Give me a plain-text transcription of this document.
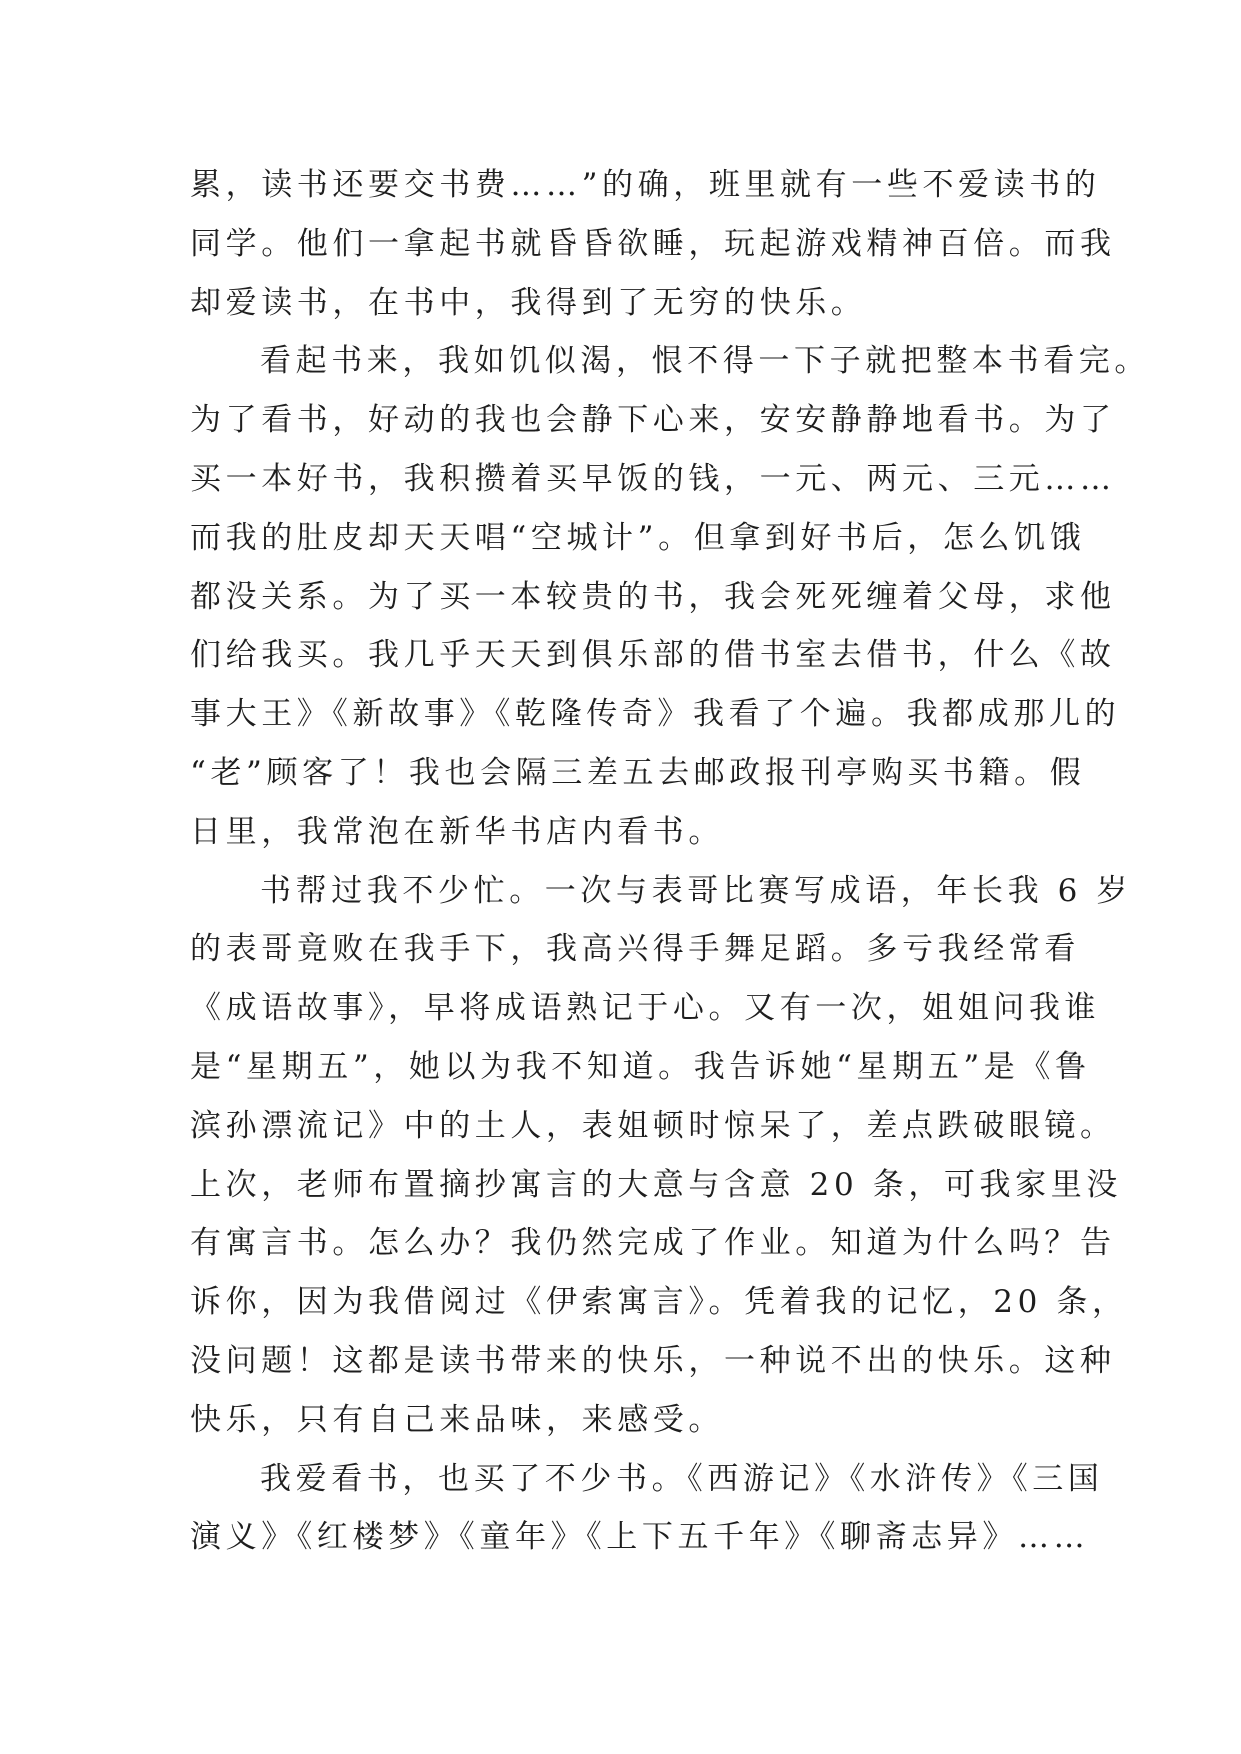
累，读书还要交书费……”的确，班里就有一些不爱读书的
同学。他们一拿起书就昏昏欲睡，玩起游戏精神百倍。而我
却爱读书，在书中，我得到了无穷的快乐。
看起书来，我如饥似渴，恨不得一下子就把整本书看完。
为了看书，好动的我也会静下心来，安安静静地看书。为了
买一本好书，我积攒着买早饭的钱，一元、两元、三元……
而我的肚皮却天天唱“空城计”。但拿到好书后，怎么饥饿
都没关系。为了买一本较贵的书，我会死死缠着父母，求他
们给我买。我几乎天天到俱乐部的借书室去借书，什么《故
事大王》《新故事》《乾隆传奇》我看了个遍。我都成那儿的
“老”顾客了！我也会隔三差五去邮政报刊亭购买书籍。假
日里，我常泡在新华书店内看书。
书帮过我不少忙。一次与表哥比赛写成语，年长我 6 岁
的表哥竟败在我手下，我高兴得手舞足蹈。多亏我经常看
《成语故事》，早将成语熟记于心。又有一次，姐姐问我谁
是“星期五”，她以为我不知道。我告诉她“星期五”是《鲁
滨孙漂流记》中的土人，表姐顿时惊呆了，差点跌破眼镜。
上次，老师布置摘抄寓言的大意与含意 20 条，可我家里没
有寓言书。怎么办？我仍然完成了作业。知道为什么吗？告
诉你，因为我借阅过《伊索寓言》。凭着我的记忆，20 条，
没问题！这都是读书带来的快乐，一种说不出的快乐。这种
快乐，只有自己来品味，来感受。
我爱看书，也买了不少书。《西游记》《水浒传》《三国
演义》《红楼梦》《童年》《上下五千年》《聊斋志异》……
